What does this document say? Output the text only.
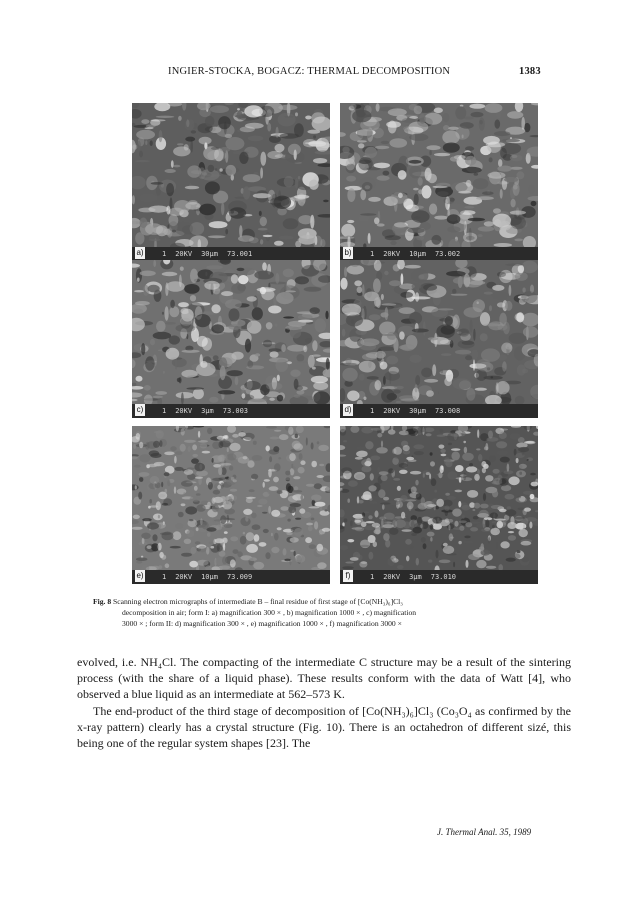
INGIER-STOCKA, BOGACZ: THERMAL DECOMPOSITION	1383
1 20KV 30µm 73.001
a)	1 20KV 10µm 73.002
b)
1 20KV 3µm 73.003
c)	1 20KV 30µm 73.008
d)
1 20KV 10µm 73.009
e)	1 20KV 3µm 73.010
f)
Fig. 8 Scanning electron micrographs of intermediate B – final residue of first stage of [Co(NH₃)₆]Cl₃
decomposition in air; form I: a) magnification 300 × , b) magnification 1000 × , c) magnification
3000 × ; form II: d) magnification 300 × , e) magnification 1000 × , f) magnification 3000 ×

evolved, i.e. NH₄Cl. The compacting of the intermediate C structure may be a result of the sintering process (with the share of a liquid phase). These results conform with the data of Watt [4], who observed a blue liquid as an intermediate at 562–573 K.

The end-product of the third stage of decomposition of [Co(NH₃)₆]Cl₃ (Co₃O₄ as confirmed by the x-ray pattern) clearly has a crystal structure (Fig. 10). There is an octahedron of different sizé, this being one of the regular system shapes [23]. The

J. Thermal Anal. 35, 1989
